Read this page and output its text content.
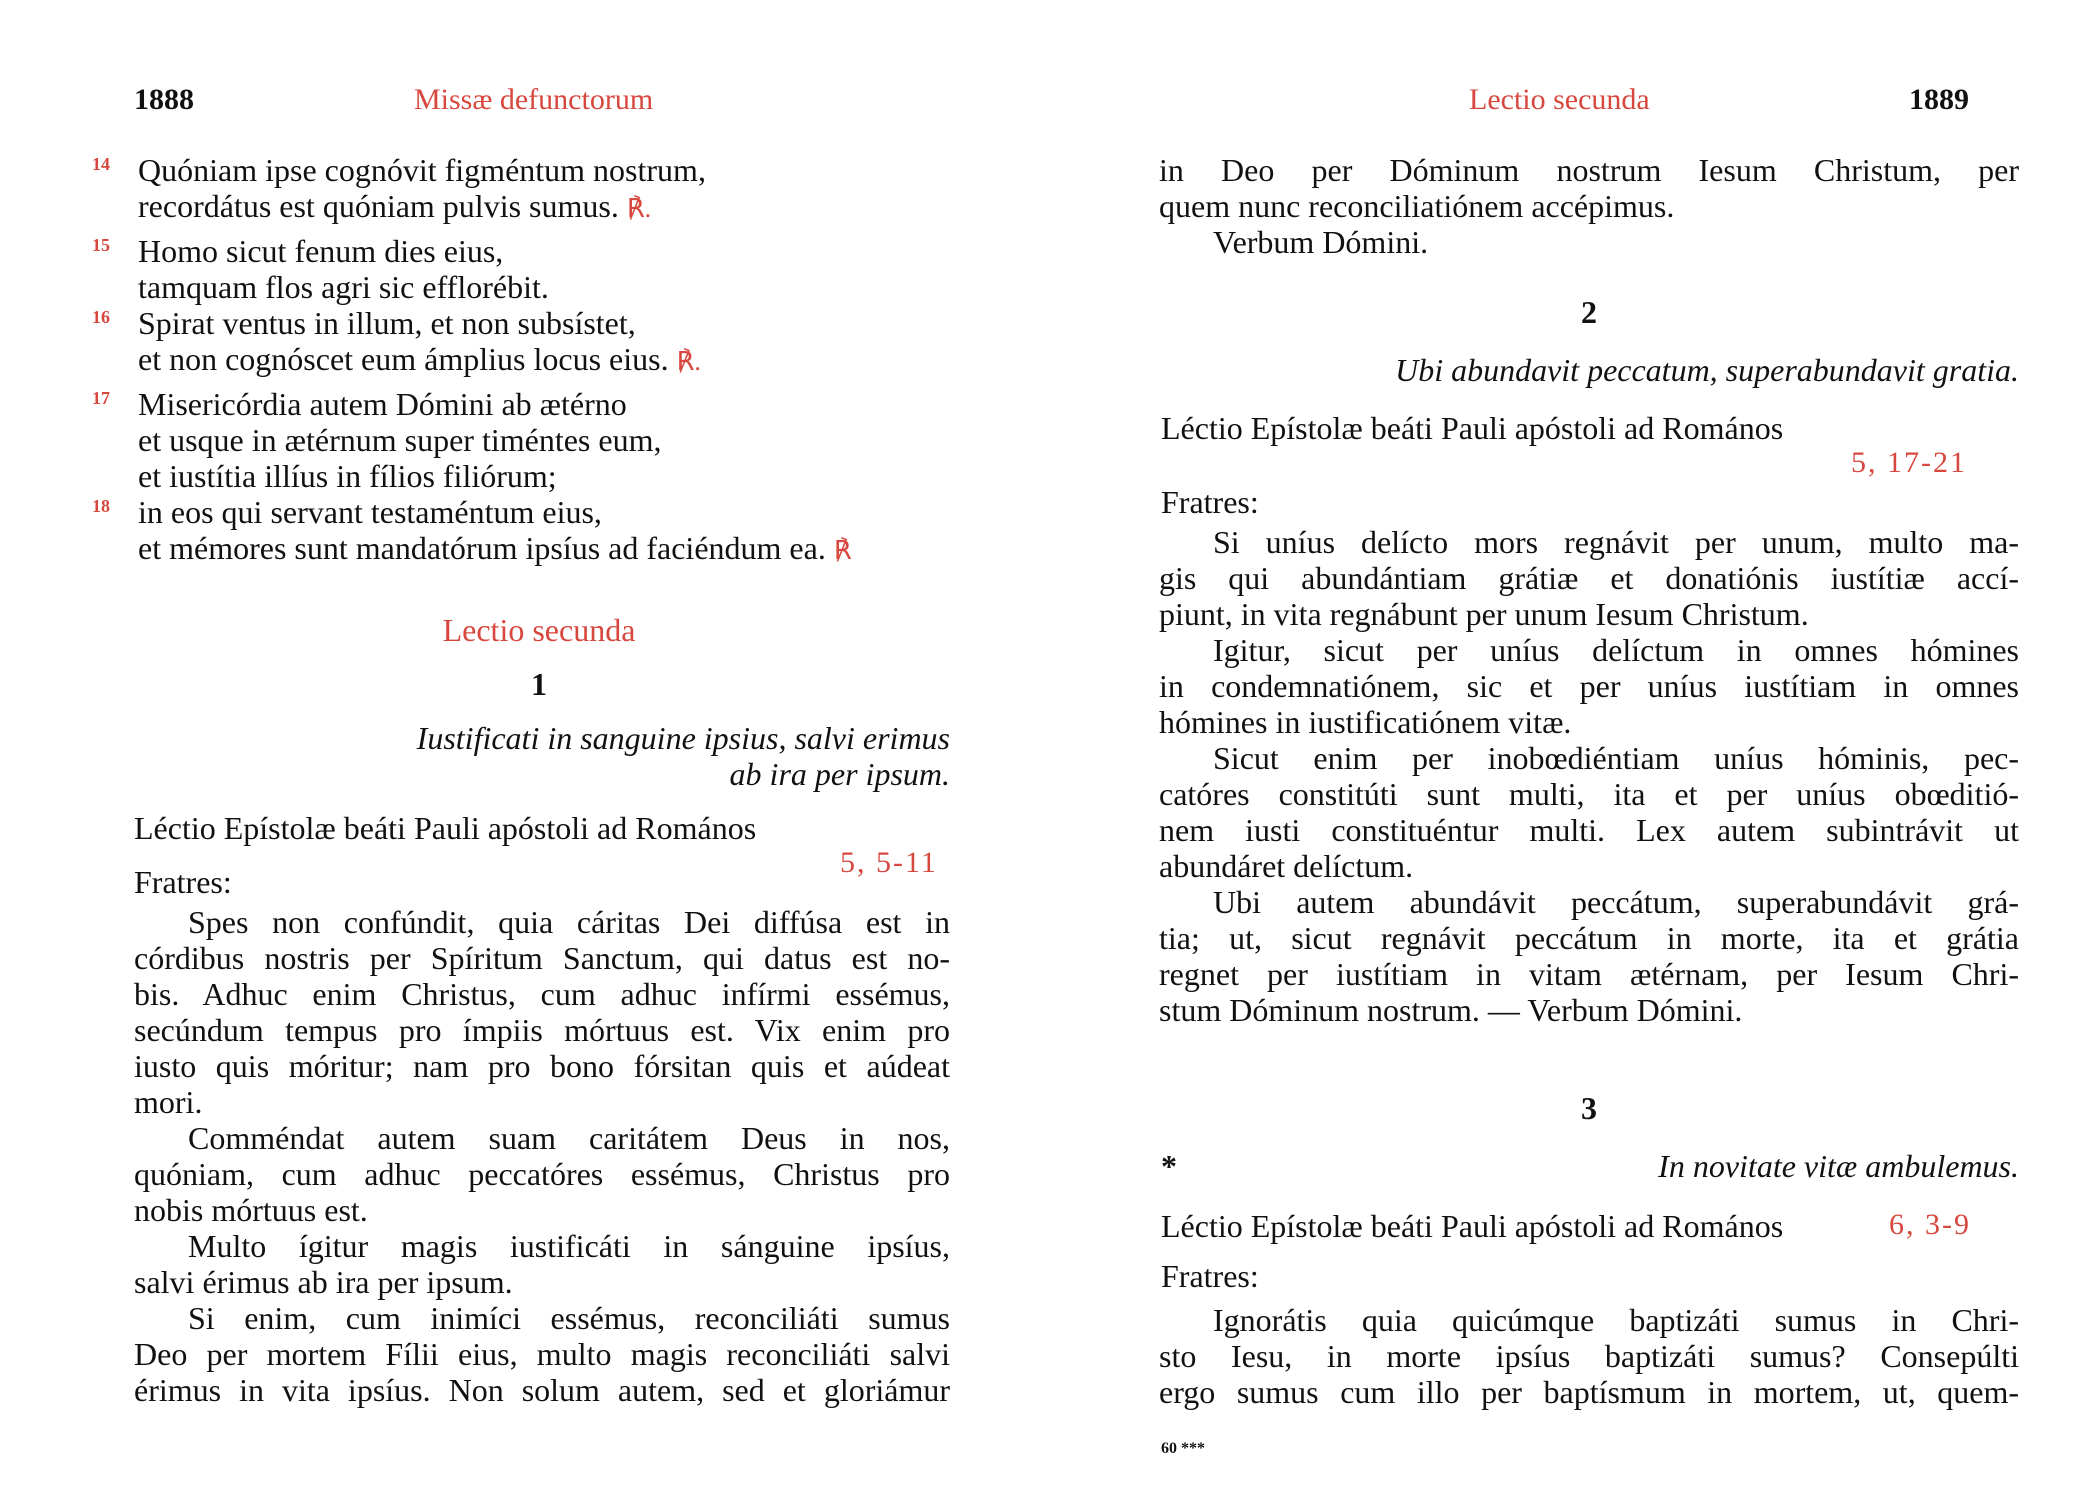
1888	Missæ defunctorum
14 Quóniam ipse cognóvit figméntum nostrum,
recordátus est quóniam pulvis sumus. ℟.
15 Homo sicut fenum dies eius,
tamquam flos agri sic efflorébit.
16 Spirat ventus in illum, et non subsístet,
et non cognóscet eum ámplius locus eius. ℟.
17 Misericórdia autem Dómini ab ætérno
et usque in ætérnum super timéntes eum,
et iustítia illíus in fílios filiórum;
18 in eos qui servant testaméntum eius,
et mémores sunt mandatórum ipsíus ad faciéndum ea. ℟
Lectio secunda
1
Iustificati in sanguine ipsius, salvi erimus
ab ira per ipsum.
Léctio Epístolæ beáti Pauli apóstoli ad Romános
5, 5-11
Fratres:
Spes non confúndit, quia cáritas Dei diffúsa est in
córdibus nostris per Spíritum Sanctum, qui datus est no-
bis. Adhuc enim Christus, cum adhuc infírmi essémus,
secúndum tempus pro ímpiis mórtuus est. Vix enim pro
iusto quis móritur; nam pro bono fórsitan quis et aúdeat
mori.
Comméndat autem suam caritátem Deus in nos,
quóniam, cum adhuc peccatóres essémus, Christus pro
nobis mórtuus est.
Multo ígitur magis iustificáti in sánguine ipsíus,
salvi érimus ab ira per ipsum.
Si enim, cum inimíci essémus, reconciliáti sumus
Deo per mortem Fílii eius, multo magis reconciliáti salvi
érimus in vita ipsíus. Non solum autem, sed et gloriámur
Lectio secunda	1889
in Deo per Dóminum nostrum Iesum Christum, per
quem nunc reconciliatiónem accépimus.
Verbum Dómini.
2
Ubi abundavit peccatum, superabundavit gratia.
Léctio Epístolæ beáti Pauli apóstoli ad Romános
5, 17-21
Fratres:
Si uníus delícto mors regnávit per unum, multo ma-
gis qui abundántiam grátiæ et donatiónis iustítiæ accí-
piunt, in vita regnábunt per unum Iesum Christum.
Igitur, sicut per uníus delíctum in omnes hómines
in condemnatiónem, sic et per uníus iustítiam in omnes
hómines in iustificatiónem vitæ.
Sicut enim per inobœdiéntiam uníus hóminis, pec-
catóres constitúti sunt multi, ita et per uníus obœditió-
nem iusti constituéntur multi. Lex autem subintrávit ut
abundáret delíctum.
Ubi autem abundávit peccátum, superabundávit grá-
tia; ut, sicut regnávit peccátum in morte, ita et grátia
regnet per iustítiam in vitam ætérnam, per Iesum Chri-
stum Dóminum nostrum. — Verbum Dómini.
3
*	In novitate vitæ ambulemus.
Léctio Epístolæ beáti Pauli apóstoli ad Romános	6, 3-9
Fratres:
Ignorátis quia quicúmque baptizáti sumus in Chri-
sto Iesu, in morte ipsíus baptizáti sumus? Consepúlti
ergo sumus cum illo per baptísmum in mortem, ut, quem-
60 ***
